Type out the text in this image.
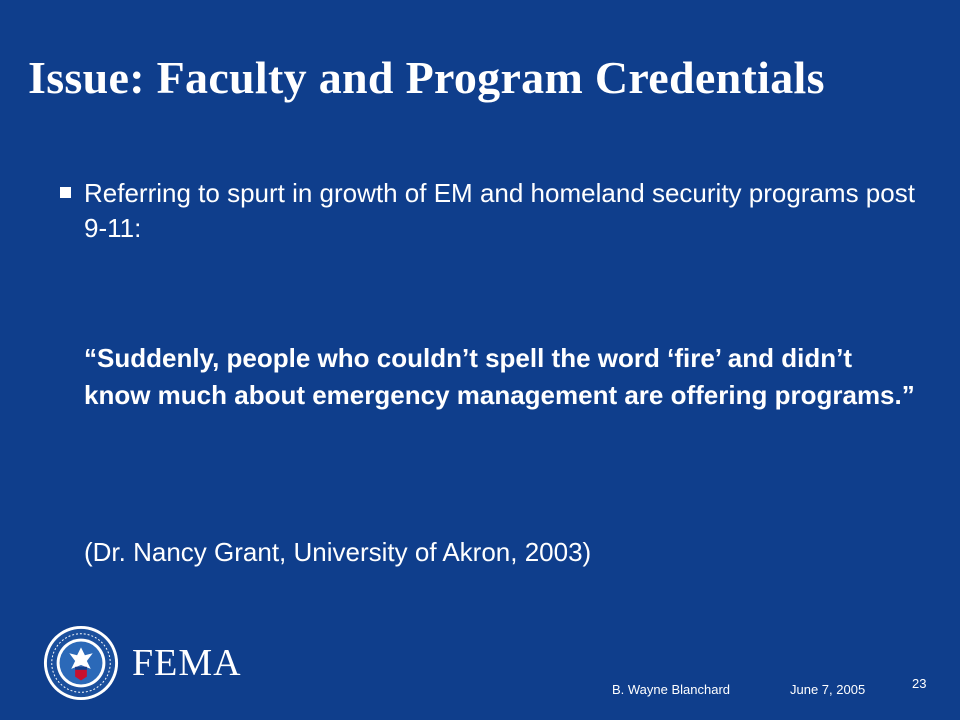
Issue: Faculty and Program Credentials
Referring to spurt in growth of EM and homeland security programs post 9-11:
“Suddenly, people who couldn’t spell the word ‘fire’ and didn’t know much about emergency management are offering programs.”
(Dr. Nancy Grant, University of Akron, 2003)
FEMA
B. Wayne Blanchard	June 7, 2005	23
